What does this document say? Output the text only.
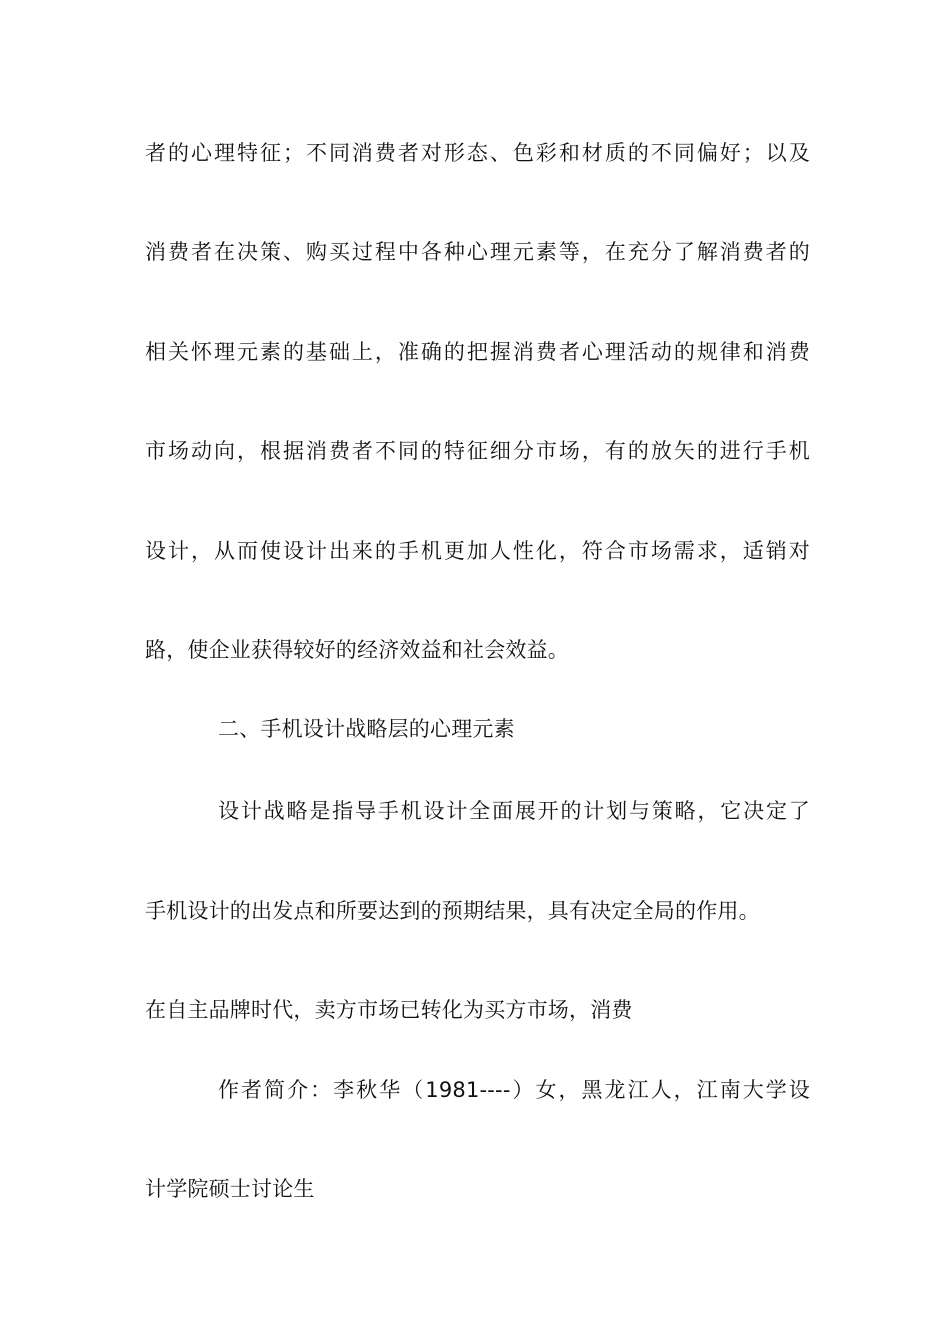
者的心理特征；不同消费者对形态、色彩和材质的不同偏好；以及
消费者在决策、购买过程中各种心理元素等，在充分了解消费者的
相关怀理元素的基础上，准确的把握消费者心理活动的规律和消费
市场动向，根据消费者不同的特征细分市场，有的放矢的进行手机
设计，从而使设计出来的手机更加人性化，符合市场需求，适销对
路，使企业获得较好的经济效益和社会效益。
二、手机设计战略层的心理元素
设计战略是指导手机设计全面展开的计划与策略，它决定了
手机设计的出发点和所要达到的预期结果，具有决定全局的作用。
在自主品牌时代，卖方市场已转化为买方市场，消费
作者简介：李秋华（1981----）女，黑龙江人，江南大学设
计学院硕士讨论生
